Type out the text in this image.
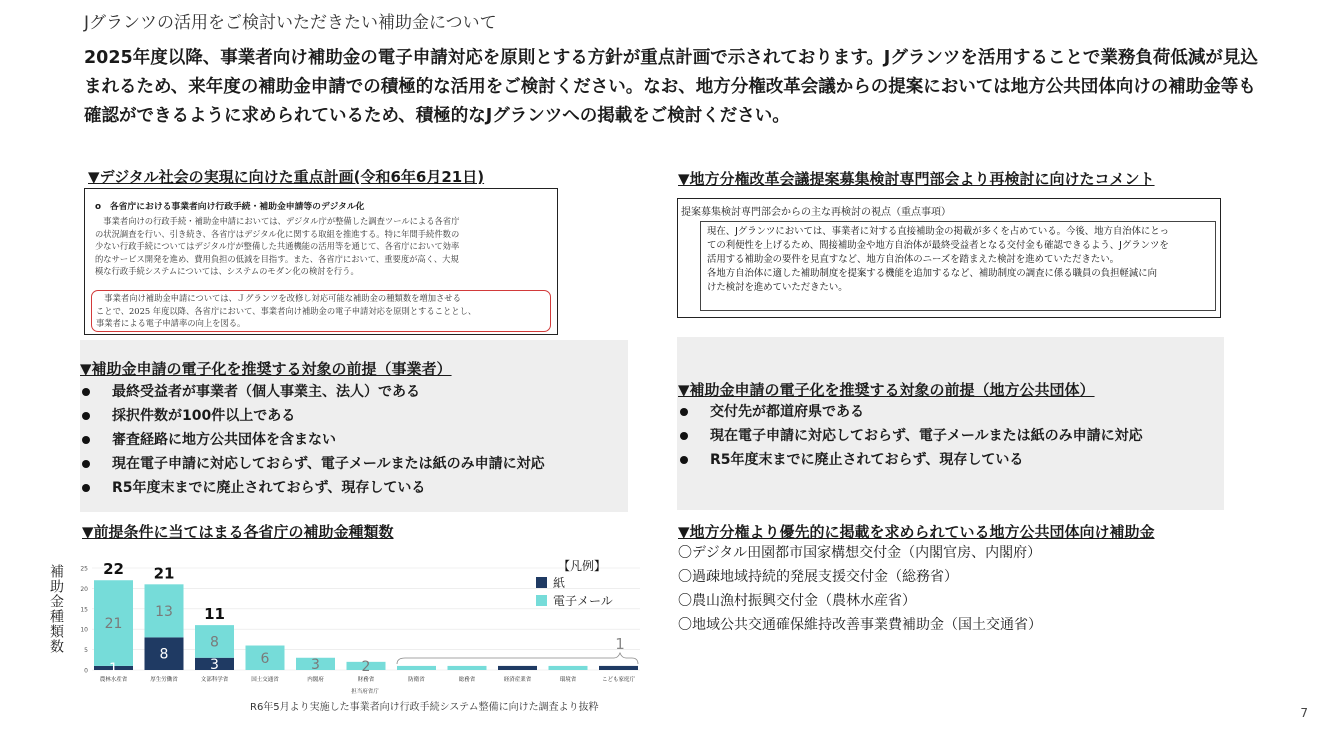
Jグランツの活用をご検討いただきたい補助金について
2025年度以降、事業者向け補助金の電子申請対応を原則とする方針が重点計画で示されております。Jグランツを活用することで業務負荷低減が見込まれるため、来年度の補助金申請での積極的な活用をご検討ください。なお、地方分権改革会議からの提案においては地方公共団体向けの補助金等も確認ができるように求められているため、積極的なJグランツへの掲載をご検討ください。
▼デジタル社会の実現に向けた重点計画(令和6年6月21日)
o　各省庁における事業者向け行政手続・補助金申請等のデジタル化

　事業者向けの行政手続・補助金申請においては、デジタル庁が整備した調査ツールによる各省庁

の状況調査を行い、引き続き、各省庁はデジタル化に関する取組を推進する。特に年間手続件数の

少ない行政手続についてはデジタル庁が整備した共通機能の活用等を通じて、各省庁において効率

的なサービス開発を進め、費用負担の低減を目指す。また、各省庁において、重要度が高く、大規

模な行政手続システムについては、システムのモダン化の検討を行う。

　事業者向け補助金申請については、Ｊグランツを改修し対応可能な補助金の種類数を増加させる

ことで、2025 年度以降、各省庁において、事業者向け補助金の電子申請対応を原則とすることとし、

事業者による電子申請率の向上を図る。

▼補助金申請の電子化を推奨する対象の前提（事業者）
最終受益者が事業者（個人事業主、法人）である
採択件数が100件以上である
審査経路に地方公共団体を含まない
現在電子申請に対応しておらず、電子メールまたは紙のみ申請に対応
R5年度末までに廃止されておらず、現存している
▼前提条件に当てはまる各省庁の補助金種類数
補助金種類数
0
5
10
15
20
25
農林水産省
1
21
22
厚生労働省
8
13
21
文部科学省
3
8
11
国土交通省
6
内閣府
3
財務省
2
防衛省	総務省	経済産業省	環境省	こども家庭庁
1
担当府省庁
【凡例】
紙
電子メール
R6年5月より実施した事業者向け行政手続システム整備に向けた調査より抜粋
▼地方分権改革会議提案募集検討専門部会より再検討に向けたコメント
提案募集検討専門部会からの主な再検討の視点（重点事項）

現在、Jグランツにおいては、事業者に対する直接補助金の掲載が多くを占めている。今後、地方自治体にとっ

ての利便性を上げるため、間接補助金や地方自治体が最終受益者となる交付金も確認できるよう、Jグランツを

活用する補助金の要件を見直すなど、地方自治体のニーズを踏まえた検討を進めていただきたい。

各地方自治体に適した補助制度を提案する機能を追加するなど、補助制度の調査に係る職員の負担軽減に向

けた検討を進めていただきたい。

▼補助金申請の電子化を推奨する対象の前提（地方公共団体）
交付先が都道府県である
現在電子申請に対応しておらず、電子メールまたは紙のみ申請に対応
R5年度末までに廃止されておらず、現存している
▼地方分権より優先的に掲載を求められている地方公共団体向け補助金
〇デジタル田園都市国家構想交付金（内閣官房、内閣府）
〇過疎地域持続的発展支援交付金（総務省）
〇農山漁村振興交付金（農林水産省）
〇地域公共交通確保維持改善事業費補助金（国土交通省）
7
